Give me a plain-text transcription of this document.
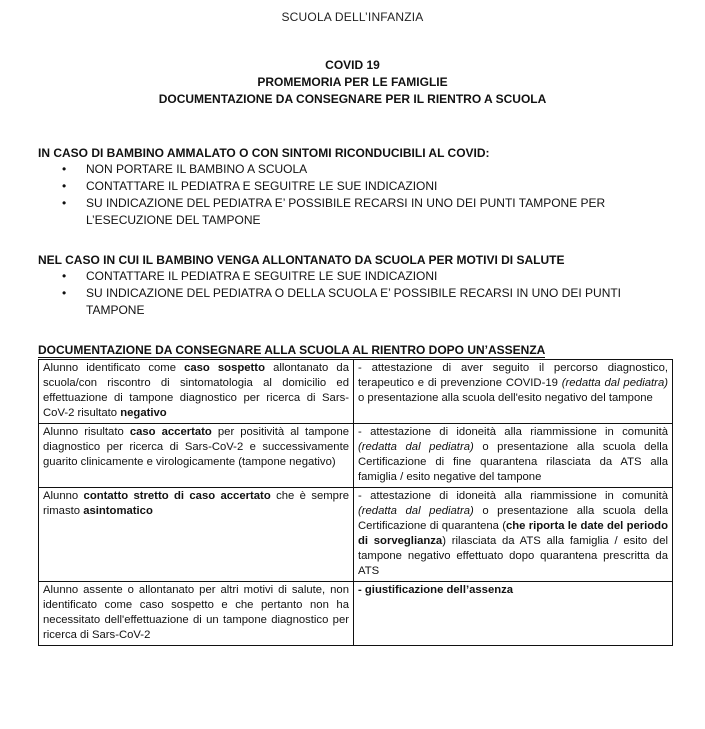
SCUOLA DELL’INFANZIA
COVID 19
PROMEMORIA PER LE FAMIGLIE
DOCUMENTAZIONE DA CONSEGNARE PER IL RIENTRO A SCUOLA
IN CASO DI BAMBINO AMMALATO O CON SINTOMI RICONDUCIBILI AL COVID:
• NON PORTARE IL BAMBINO A SCUOLA
• CONTATTARE IL PEDIATRA E SEGUITRE LE SUE INDICAZIONI
• SU INDICAZIONE DEL PEDIATRA E’ POSSIBILE RECARSI IN UNO DEI PUNTI TAMPONE PER L’ESECUZIONE DEL TAMPONE
NEL CASO IN CUI IL BAMBINO VENGA ALLONTANATO DA SCUOLA PER MOTIVI DI SALUTE
• CONTATTARE IL PEDIATRA E SEGUITRE LE SUE INDICAZIONI
• SU INDICAZIONE DEL PEDIATRA O DELLA SCUOLA E’ POSSIBILE RECARSI IN UNO DEI PUNTI TAMPONE
DOCUMENTAZIONE DA CONSEGNARE ALLA SCUOLA AL RIENTRO DOPO UN’ASSENZA
Alunno identificato come caso sospetto allontanato da scuola/con riscontro di sintomatologia al domicilio ed effettuazione di tampone diagnostico per ricerca di Sars-CoV-2 risultato negativo	- attestazione di aver seguito il percorso diagnostico, terapeutico e di prevenzione COVID-19 (redatta dal pediatra) o presentazione alla scuola dell'esito negativo del tampone
Alunno risultato caso accertato per positività al tampone diagnostico per ricerca di Sars-CoV-2 e successivamente guarito clinicamente e virologicamente (tampone negativo)	- attestazione di idoneità alla riammissione in comunità (redatta dal pediatra) o presentazione alla scuola della Certificazione di fine quarantena rilasciata da ATS alla famiglia / esito negative del tampone
Alunno contatto stretto di caso accertato che è sempre rimasto asintomatico	- attestazione di idoneità alla riammissione in comunità (redatta dal pediatra) o presentazione alla scuola della Certificazione di quarantena (che riporta le date del periodo di sorveglianza) rilasciata da ATS alla famiglia / esito del tampone negativo effettuato dopo quarantena prescritta da ATS
Alunno assente o allontanato per altri motivi di salute, non identificato come caso sospetto e che pertanto non ha necessitato dell'effettuazione di un tampone diagnostico per ricerca di Sars-CoV-2	- giustificazione dell’assenza
